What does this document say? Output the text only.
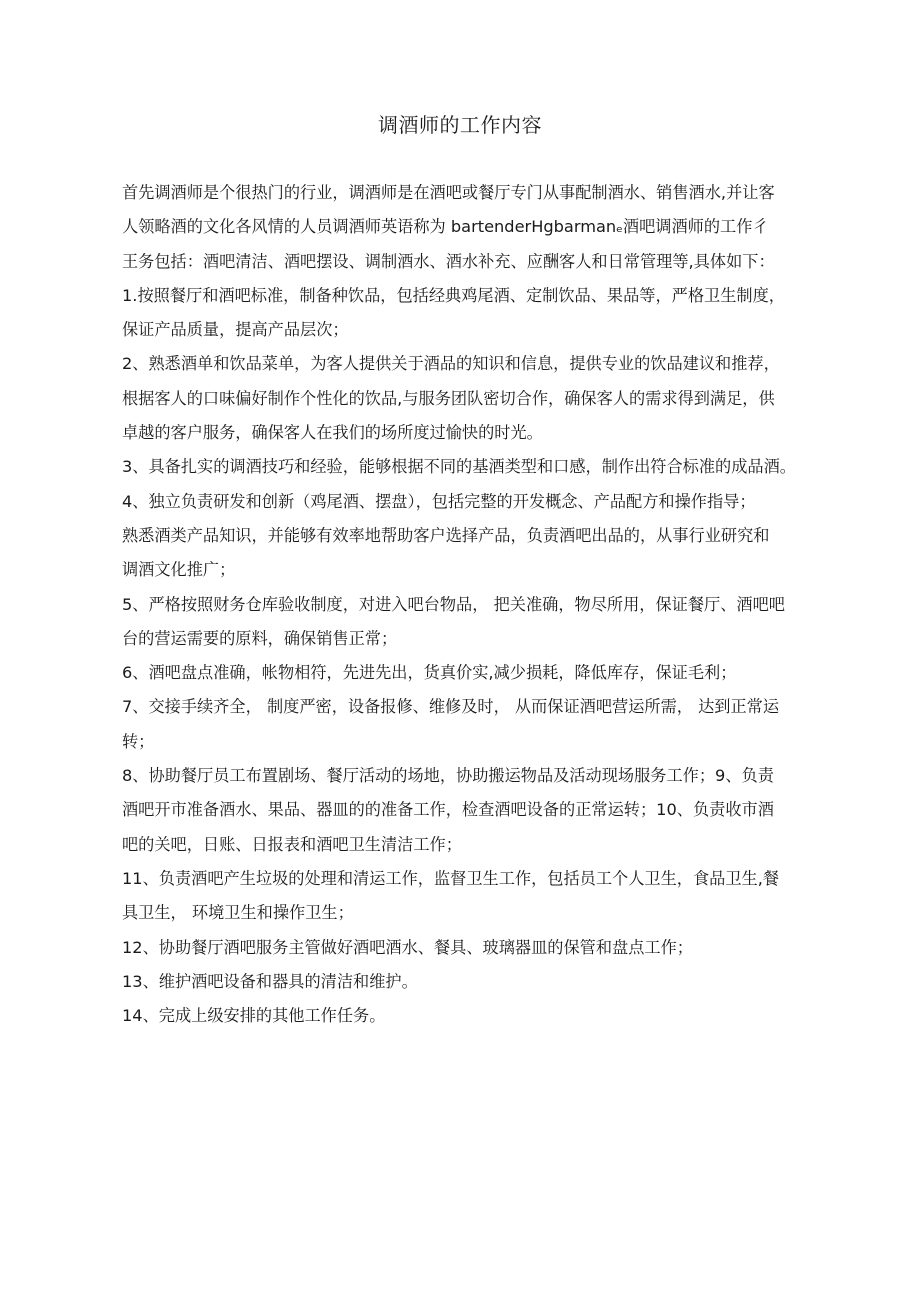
调酒师的工作内容
首先调酒师是个很热门的行业，调酒师是在酒吧或餐厅专门从事配制酒水、销售酒水,并让客
人领略酒的文化各风情的人员调酒师英语称为 bartenderHgbarmanₑ酒吧调酒师的工作彳
王务包括：酒吧清洁、酒吧摆设、调制酒水、酒水补充、应酬客人和日常管理等,具体如下：
1.按照餐厅和酒吧标准，制备种饮品，包括经典鸡尾酒、定制饮品、果品等，严格卫生制度，
保证产品质量，提高产品层次；
2、熟悉酒单和饮品菜单，为客人提供关于酒品的知识和信息，提供专业的饮品建议和推荐，
根据客人的口味偏好制作个性化的饮品,与服务团队密切合作，确保客人的需求得到满足，供
卓越的客户服务，确保客人在我们的场所度过愉快的时光。
3、具备扎实的调酒技巧和经验，能够根据不同的基酒类型和口感，制作出符合标准的成品酒。
4、独立负责研发和创新（鸡尾酒、摆盘），包括完整的开发概念、产品配方和操作指导；
熟悉酒类产品知识，并能够有效率地帮助客户选择产品，负责酒吧出品的，从事行业研究和
调酒文化推广；
5、严格按照财务仓库验收制度，对进入吧台物品， 把关准确，物尽所用，保证餐厅、酒吧吧
台的营运需要的原料，确保销售正常；
6、酒吧盘点准确，帐物相符，先进先出，货真价实,减少损耗，降低库存，保证毛利；
7、交接手续齐全， 制度严密，设备报修、维修及时， 从而保证酒吧营运所需， 达到正常运
转；
8、协助餐厅员工布置剧场、餐厅活动的场地，协助搬运物品及活动现场服务工作；9、负责
酒吧开市准备酒水、果品、器皿的的准备工作，检查酒吧设备的正常运转；10、负责收市酒
吧的关吧，日账、日报表和酒吧卫生清洁工作；
11、负责酒吧产生垃圾的处理和清运工作，监督卫生工作，包括员工个人卫生，食品卫生,餐
具卫生， 环境卫生和操作卫生；
12、协助餐厅酒吧服务主管做好酒吧酒水、餐具、玻璃器皿的保管和盘点工作；
13、维护酒吧设备和器具的清洁和维护。
14、完成上级安排的其他工作任务。
